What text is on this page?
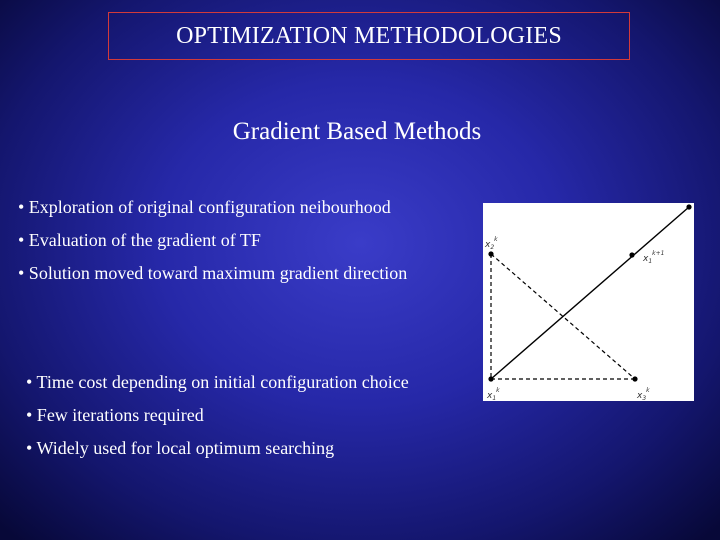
OPTIMIZATION METHODOLOGIES
Gradient Based Methods
• Exploration of original configuration neibourhood
• Evaluation of the gradient of TF
• Solution moved toward maximum gradient direction
• Time cost depending on initial configuration choice
• Few iterations required
• Widely used for local optimum searching
$x_2^k$
$x_1^{k+1}$
$x_1^k$
$x_3^k$
